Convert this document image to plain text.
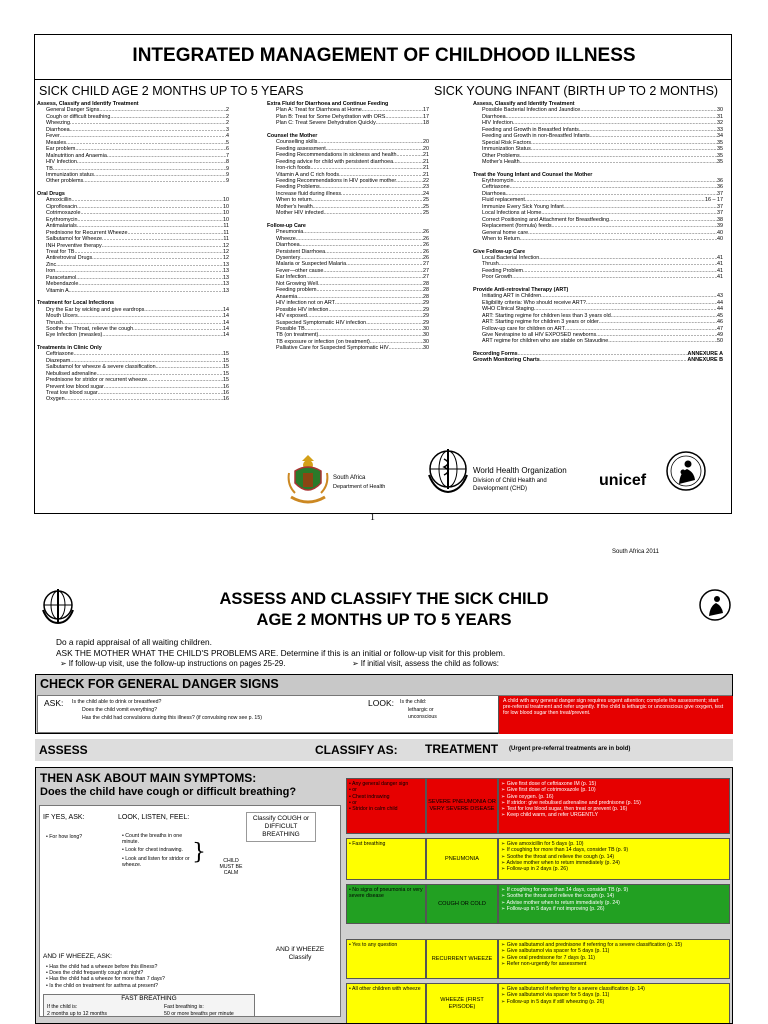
INTEGRATED MANAGEMENT OF CHILDHOOD ILLNESS
SICK CHILD AGE 2 MONTHS UP TO 5 YEARS	SICK YOUNG INFANT (BIRTH UP TO 2 MONTHS)
Assess, Classify and Identify Treatment
General Danger Signs .....	2
Cough or difficult breathing .....	2
Wheezing .....	2
Diarrhoea .....	3
Fever .....	4
Measles .....	5
Ear problem .....	6
Malnutrition and Anaemia .....	7
HIV Infection .....	8
TB .....	9
Immunization status .....	9
Other problems .....	9
Oral Drugs
Amoxicillin .....	10
Ciprofloxacin .....	10
Cotrimoxazole .....	10
Erythromycin .....	10
Antimalarials .....	11
Prednisone for Recurrent Wheeze .....	11
Salbutamol for Wheeze .....	11
INH Preventive therapy .....	12
Treat for TB .....	12
Antiretroviral Drugs .....	12
Zinc .....	13
Iron .....	13
Paracetamol .....	13
Mebendazole .....	13
Vitamin A .....	13
Treatment for Local Infections
Dry the Ear by wicking and give eardrops .....	14
Mouth Ulcers .....	14
Thrush .....	14
Soothe the Throat, relieve the cough .....	14
Eye Infection (measles) .....	14
Treatments in Clinic Only
Ceftriaxone .....	15
Diazepam .....	15
Salbutamol for wheeze & severe classification .....	15
Nebulised adrenaline .....	15
Prednisone for stridor or recurrent wheeze .....	15
Prevent low blood sugar .....	16
Treat low blood sugar .....	16
Oxygen .....	16
Extra Fluid for Diarrhoea and Continue Feeding
Plan A: Treat for Diarrhoea at Home .....	17
Plan B: Treat for Some Dehydration with ORS .....	17
Plan C: Treat Severe Dehydration Quickly .....	18
Counsel the Mother
Counselling skills .....	20
Feeding assessment .....	20
Feeding Recommendations in sickness and health .....	21
Feeding advice for child with persistent diarrhoea .....	21
Iron-rich foods .....	21
Vitamin A and C rich foods .....	21
Feeding Recommendations in HIV positive mother .....	22
Feeding Problems .....	23
Increase fluid during illness .....	24
When to return .....	25
Mother's health .....	25
Mother HIV infected .....	25
Follow-up Care
Pneumonia .....	26
Wheeze .....	26
Diarrhoea .....	26
Persistent Diarrhoea .....	26
Dysentery .....	26
Malaria or Suspected Malaria .....	27
Fever—other cause .....	27
Ear Infection .....	27
Not Growing Well .....	28
Feeding problem .....	28
Anaemia .....	28
HIV infection not on ART .....	29
Possible HIV infection .....	29
HIV exposed .....	29
Suspected Symptomatic HIV infection .....	29
Possible TB .....	30
TB (on treatment) .....	30
TB exposure or infection (on treatment) .....	30
Palliative Care for Suspected Symptomatic HIV .....	30
Assess, Classify and Identify Treatment
Possible Bacterial Infection and Jaundice .....	30
Diarrhoea .....	31
HIV Infection .....	32
Feeding and Growth in Breastfed Infants .....	33
Feeding and Growth in non-Breastfed Infants .....	34
Special Risk Factors .....	35
Immunization Status .....	35
Other Problems .....	35
Mother's Health .....	35
Treat the Young Infant and Counsel the Mother
Erythromycin .....	36
Ceftriaxone .....	36
Diarrhoea .....	37
Fluid replacement .....	16 – 17
Immunize Every Sick Young Infant .....	37
Local Infections at Home .....	37
Correct Positioning and Attachment for Breastfeeding .....	38
Replacement (formula) feeds .....	39
General home care .....	40
When to Return .....	40
Give Follow-up Care
Local Bacterial Infection .....	41
Thrush .....	41
Feeding Problem .....	41
Poor Growth .....	41
Provide Anti-retroviral Therapy (ART)
Initiating ART in Children .....	43
Eligibility criteria: Who should receive ART? .....	44
WHO Clinical Staging .....	44
ART: Starting regime for children less than 3 years old .....	45
ART: Starting regime for children 3 years or older .....	46
Follow-up care for children on ART .....	47
Give Nevirapine to all HIV EXPOSED newborns .....	49
ART regime for children who are stable on Stavudine .....	50
Recording Forms .....	ANNEXURE A
Growth Monitoring Charts .....	ANNEXURE B
South Africa
Department of Health
World Health Organization
Division of Child Health and
Development (CHD)	unicef
1
South Africa 2011
ASSESS AND CLASSIFY THE SICK CHILD
AGE 2 MONTHS UP TO 5 YEARS
Do a rapid appraisal of all waiting children.
ASK THE MOTHER WHAT THE CHILD'S PROBLEMS ARE. Determine if this is an initial or follow-up visit for this problem.
➢ If follow-up visit, use the follow-up instructions on pages 25-29.	➢ If initial visit, assess the child as follows:
CHECK FOR GENERAL DANGER SIGNS
ASK: Is the child able to drink or breastfeed?
Does the child vomit everything?
Has the child had convulsions during this illness? (if convulsing now see p. 15)
LOOK: Is the child:
lethargic or
unconscious
A child with any general danger sign requires urgent attention; complete the assessment; start pre-referral treatment and refer urgently. If the child is lethargic or unconscious give oxygen, test for low blood sugar then treat/prevent.
ASSESS	CLASSIFY AS: TREATMENT (Urgent pre-referral treatments are in bold)
THEN ASK ABOUT MAIN SYMPTOMS:
Does the child have cough or difficult breathing?
IF YES, ASK:	LOOK, LISTEN, FEEL:
• For how long?	• Count the breaths in one minute.
• Look for chest indrawing.
• Look and listen for stridor or wheeze.	}	CHILD MUST BE CALM
Classify COUGH or DIFFICULT BREATHING
AND IF WHEEZE, ASK:
• Has the child had a wheeze before this illness?
• Does the child frequently cough at night?
• Has the child had a wheeze for more than 7 days?
• Is the child on treatment for asthma at present?
AND if WHEEZE Classify
FAST BREATHING
If the child is:
2 months up to 12 months
Fast breathing is:
50 or more breaths per minute
• Any general danger sign
• or
• Chest indrawing
• or
• Stridor in calm child
SEVERE PNEUMONIA OR VERY SEVERE DISEASE
➢ Give first dose of ceftriaxone IM (p. 15)
➢ Give first dose of cotrimoxazole (p. 10)
➢ Give oxygen. (p. 16)
➢ If stridor: give nebulised adrenaline and prednisone (p. 15)
➢ Test for low blood sugar, then treat or prevent (p. 16)
➢ Keep child warm, and refer URGENTLY
• Fast breathing
PNEUMONIA
➢ Give amoxicillin for 5 days (p. 10)
➢ If coughing for more than 14 days, consider TB (p. 9)
➢ Soothe the throat and relieve the cough (p. 14)
➢ Advise mother when to return immediately (p. 24)
➢ Follow-up in 2 days (p. 26)
• No signs of pneumonia or very severe disease
COUGH OR COLD
➢ If coughing for more than 14 days, consider TB (p. 9)
➢ Soothe the throat and relieve the cough (p. 14)
➢ Advise mother when to return immediately (p. 24)
➢ Follow-up in 5 days if not improving (p. 26)
• Yes to any question
RECURRENT WHEEZE
➢ Give salbutamol and prednisone if referring for a severe classification (p. 15)
➢ Give salbutamol via spacer for 5 days (p. 11)
➢ Give oral prednisone for 7 days (p. 11)
➢ Refer non-urgently for assessment
• All other children with wheeze
WHEEZE (FIRST EPISODE)
➢ Give salbutamol if referring for a severe classification (p. 14)
➢ Give salbutamol via spacer for 5 days (p. 11)
➢ Follow-up in 5 days if still wheezing (p. 26)
